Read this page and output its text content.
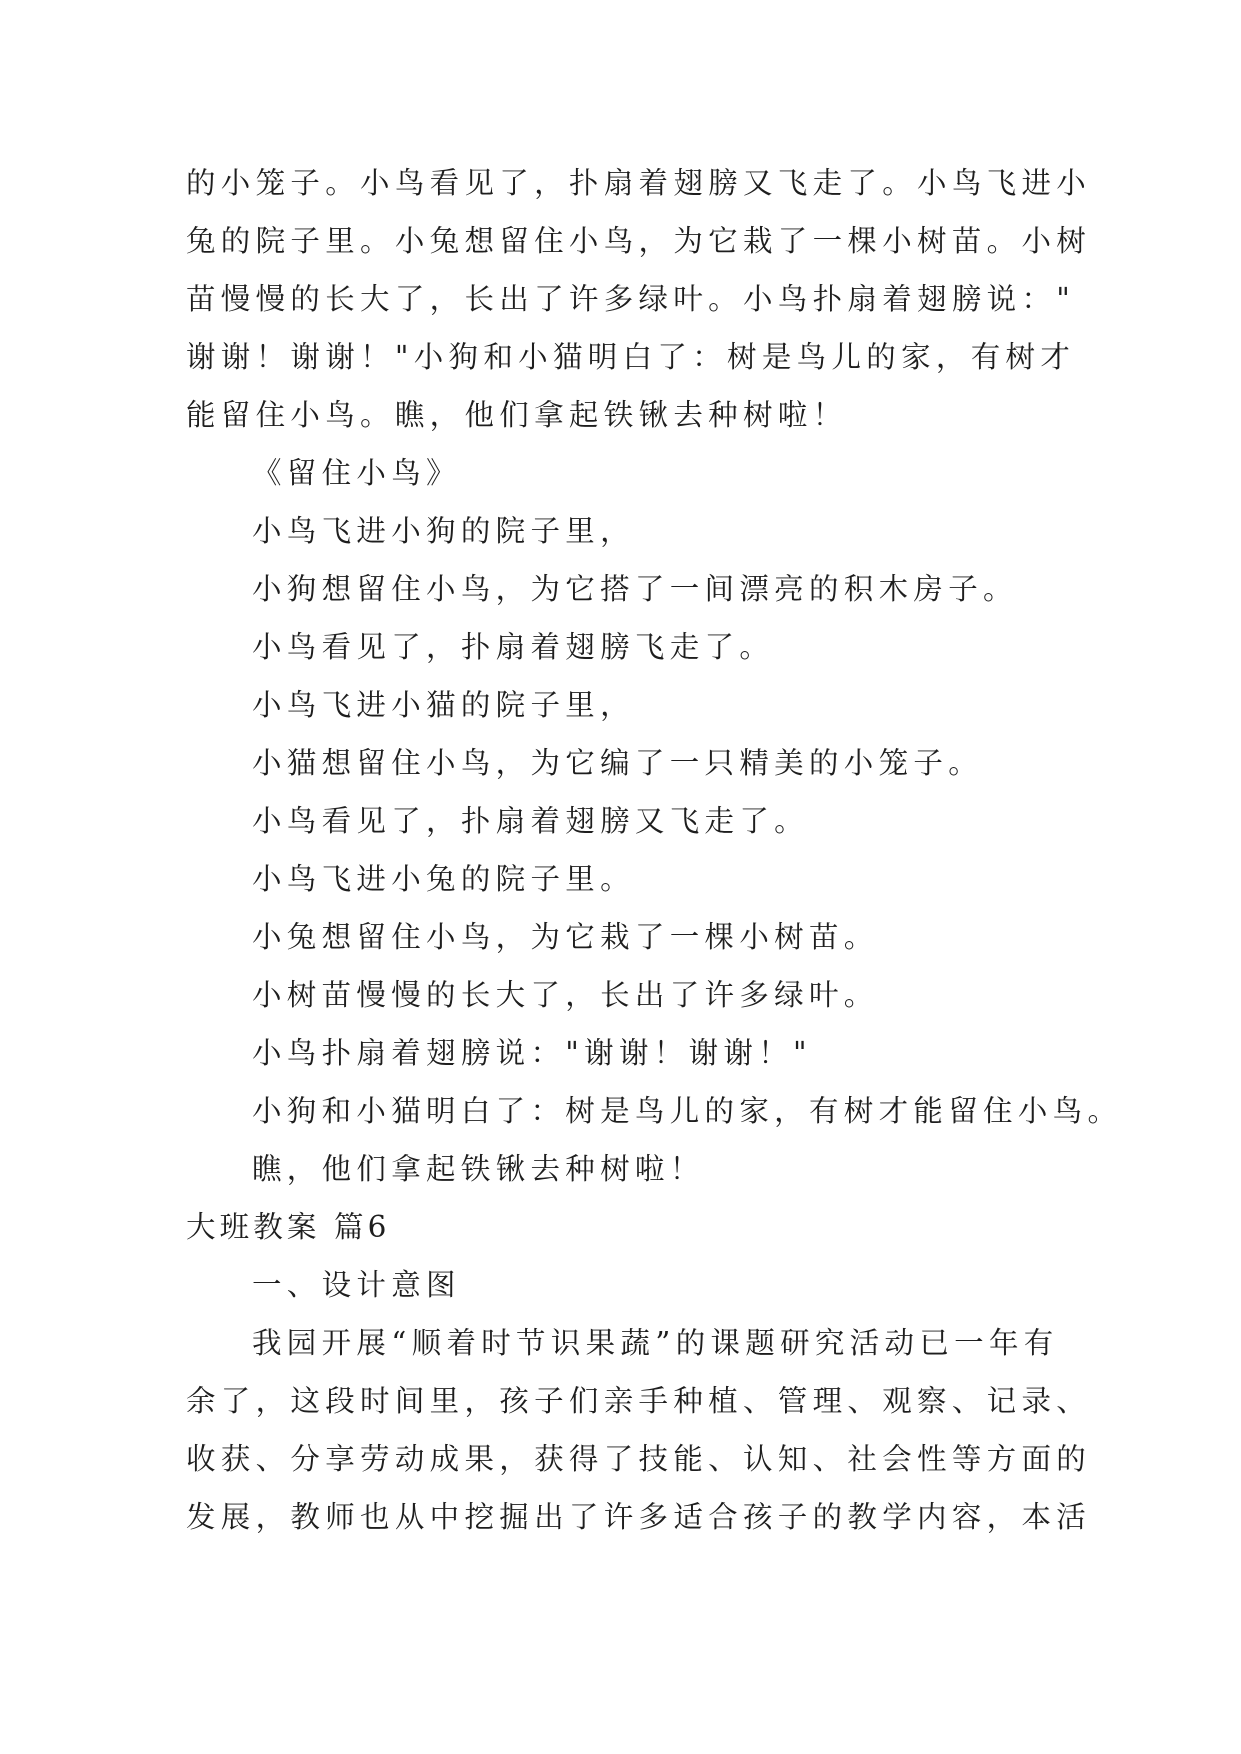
的小笼子。小鸟看见了，扑扇着翅膀又飞走了。小鸟飞进小
兔的院子里。小兔想留住小鸟，为它栽了一棵小树苗。小树
苗慢慢的长大了，长出了许多绿叶。小鸟扑扇着翅膀说："
谢谢！谢谢！"小狗和小猫明白了：树是鸟儿的家，有树才
能留住小鸟。瞧，他们拿起铁锹去种树啦！
《留住小鸟》
小鸟飞进小狗的院子里，
小狗想留住小鸟，为它搭了一间漂亮的积木房子。
小鸟看见了，扑扇着翅膀飞走了。
小鸟飞进小猫的院子里，
小猫想留住小鸟，为它编了一只精美的小笼子。
小鸟看见了，扑扇着翅膀又飞走了。
小鸟飞进小兔的院子里。
小兔想留住小鸟，为它栽了一棵小树苗。
小树苗慢慢的长大了，长出了许多绿叶。
小鸟扑扇着翅膀说："谢谢！谢谢！"
小狗和小猫明白了：树是鸟儿的家，有树才能留住小鸟。
瞧，他们拿起铁锹去种树啦！
大班教案 篇6
一、设计意图
我园开展“顺着时节识果蔬”的课题研究活动已一年有
余了，这段时间里，孩子们亲手种植、管理、观察、记录、
收获、分享劳动成果，获得了技能、认知、社会性等方面的
发展，教师也从中挖掘出了许多适合孩子的教学内容，本活
